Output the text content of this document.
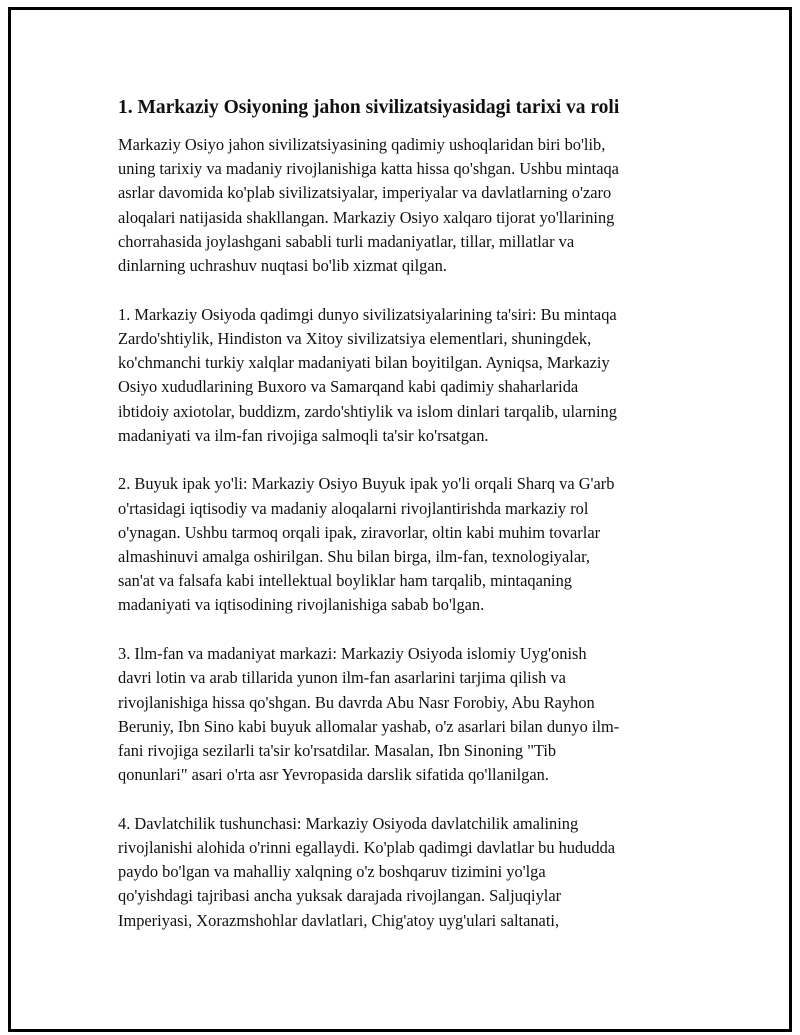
1. Markaziy Osiyoning jahon sivilizatsiyasidagi tarixi va roli

Markaziy Osiyo jahon sivilizatsiyasining qadimiy ushoqlaridan biri bo'lib,
uning tarixiy va madaniy rivojlanishiga katta hissa qo'shgan. Ushbu mintaqa
asrlar davomida ko'plab sivilizatsiyalar, imperiyalar va davlatlarning o'zaro
aloqalari natijasida shakllangan. Markaziy Osiyo xalqaro tijorat yo'llarining
chorrahasida joylashgani sababli turli madaniyatlar, tillar, millatlar va
dinlarning uchrashuv nuqtasi bo'lib xizmat qilgan.

1. Markaziy Osiyoda qadimgi dunyo sivilizatsiyalarining ta'siri: Bu mintaqa
Zardo'shtiylik, Hindiston va Xitoy sivilizatsiya elementlari, shuningdek,
ko'chmanchi turkiy xalqlar madaniyati bilan boyitilgan. Ayniqsa, Markaziy
Osiyo xududlarining Buxoro va Samarqand kabi qadimiy shaharlarida
ibtidoiy axiotolar, buddizm, zardo'shtiylik va islom dinlari tarqalib, ularning
madaniyati va ilm-fan rivojiga salmoqli ta'sir ko'rsatgan.

2. Buyuk ipak yo'li: Markaziy Osiyo Buyuk ipak yo'li orqali Sharq va G'arb
o'rtasidagi iqtisodiy va madaniy aloqalarni rivojlantirishda markaziy rol
o'ynagan. Ushbu tarmoq orqali ipak, ziravorlar, oltin kabi muhim tovarlar
almashinuvi amalga oshirilgan. Shu bilan birga, ilm-fan, texnologiyalar,
san'at va falsafa kabi intellektual boyliklar ham tarqalib, mintaqaning
madaniyati va iqtisodining rivojlanishiga sabab bo'lgan.

3. Ilm-fan va madaniyat markazi: Markaziy Osiyoda islomiy Uyg'onish
davri lotin va arab tillarida yunon ilm-fan asarlarini tarjima qilish va
rivojlanishiga hissa qo'shgan. Bu davrda Abu Nasr Forobiy, Abu Rayhon
Beruniy, Ibn Sino kabi buyuk allomalar yashab, o'z asarlari bilan dunyo ilm-
fani rivojiga sezilarli ta'sir ko'rsatdilar. Masalan, Ibn Sinoning "Tib
qonunlari" asari o'rta asr Yevropasida darslik sifatida qo'llanilgan.

4. Davlatchilik tushunchasi: Markaziy Osiyoda davlatchilik amalining
rivojlanishi alohida o'rinni egallaydi. Ko'plab qadimgi davlatlar bu hududda
paydo bo'lgan va mahalliy xalqning o'z boshqaruv tizimini yo'lga
qo'yishdagi tajribasi ancha yuksak darajada rivojlangan. Saljuqiylar
Imperiyasi, Xorazmshohlar davlatlari, Chig'atoy uyg'ulari saltanati,
